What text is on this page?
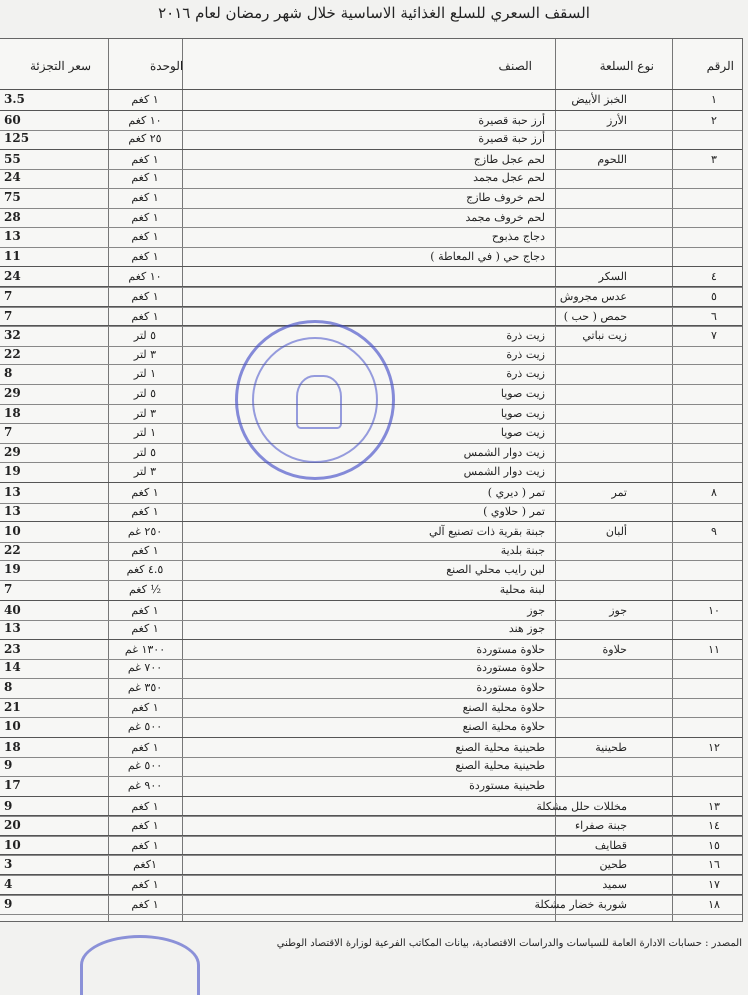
السقف السعري للسلع الغذائية الاساسية خلال شهر رمضان لعام ٢٠١٦
الرقم
نوع السلعة
الصنف
الوحدة
سعر التجزئة
١
الخبز الأبيض
١ كغم
3.5
٢
الأرز
أرز حبة قصيرة
١٠ كغم
60
أرز حبة قصيرة
٢٥ كغم
125
٣
اللحوم
لحم عجل طازج
١ كغم
55
لحم عجل مجمد
١ كغم
24
لحم خروف طازج
١ كغم
75
لحم خروف مجمد
١ كغم
28
دجاج مذبوح
١ كغم
13
دجاج حي ( في المعاطة )
١ كغم
11
٤
السكر
١٠ كغم
24
٥
عدس مجروش
١ كغم
7
٦
حمص ( حب )
١ كغم
7
٧
زيت نباتي
زيت ذرة
٥ لتر
32
زيت ذرة
٣ لتر
22
زيت ذرة
١ لتر
8
زيت صويا
٥ لتر
29
زيت صويا
٣ لتر
18
زيت صويا
١ لتر
7
زيت دوار الشمس
٥ لتر
29
زيت دوار الشمس
٣ لتر
19
٨
تمر
تمر ( ديري )
١ كغم
13
تمر ( حلاوي )
١ كغم
13
٩
ألبان
جبنة بقرية ذات تصنيع آلي
٢٥٠ غم
10
جبنة بلدية
١ كغم
22
لبن رايب محلي الصنع
٤.٥ كغم
19
لبنة محلية
½ كغم
7
١٠
جوز
جوز
١ كغم
40
جوز هند
١ كغم
13
١١
حلاوة
حلاوة مستوردة
١٣٠٠ غم
23
حلاوة مستوردة
٧٠٠ غم
14
حلاوة مستوردة
٣٥٠ غم
8
حلاوة محلية الصنع
١ كغم
21
حلاوة محلية الصنع
٥٠٠ غم
10
١٢
طحينية
طحينية محلية الصنع
١ كغم
18
طحينية محلية الصنع
٥٠٠ غم
9
طحينية مستوردة
٩٠٠ غم
17
١٣
مخللات حلل مشكلة
١ كغم
9
١٤
جبنة صفراء
١ كغم
20
١٥
قطايف
١ كغم
10
١٦
طحين
١كغم
3
١٧
سميد
١ كغم
4
١٨
شوربة خضار مشكلة
١ كغم
9
المصدر : حسابات الادارة العامة للسياسات والدراسات الاقتصادية، بيانات المكاتب الفرعية لوزارة الاقتصاد الوطني
